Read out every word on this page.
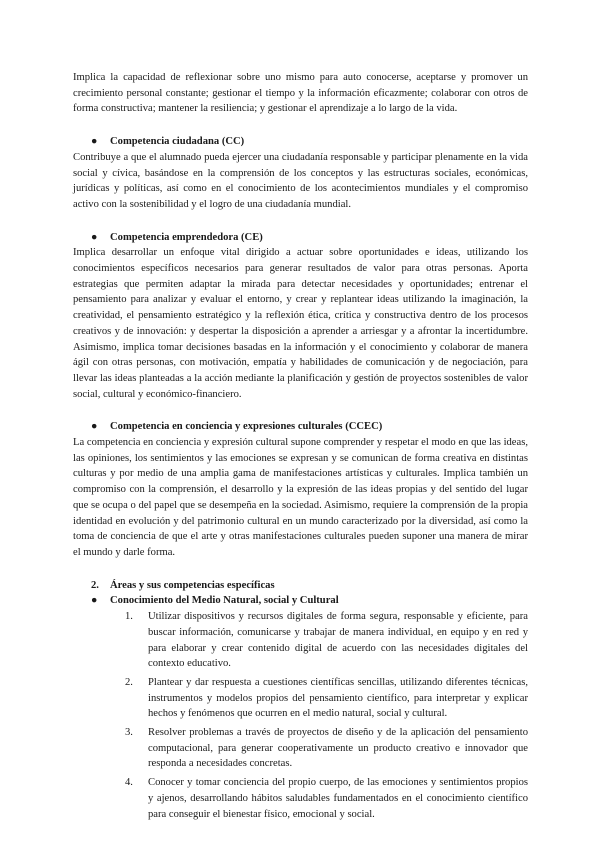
Implica la capacidad de reflexionar sobre uno mismo para auto conocerse, aceptarse y promover un crecimiento personal constante; gestionar el tiempo y la información eficazmente; colaborar con otros de forma constructiva; mantener la resiliencia; y gestionar el aprendizaje a lo largo de la vida.

● Competencia ciudadana (CC)

Contribuye a que el alumnado pueda ejercer una ciudadanía responsable y participar plenamente en la vida social y cívica, basándose en la comprensión de los conceptos y las estructuras sociales, económicas, jurídicas y políticas, así como en el conocimiento de los acontecimientos mundiales y el compromiso activo con la sostenibilidad y el logro de una ciudadanía mundial.

● Competencia emprendedora (CE)

Implica desarrollar un enfoque vital dirigido a actuar sobre oportunidades e ideas, utilizando los conocimientos específicos necesarios para generar resultados de valor para otras personas. Aporta estrategias que permiten adaptar la mirada para detectar necesidades y oportunidades; entrenar el pensamiento para analizar y evaluar el entorno, y crear y replantear ideas utilizando la imaginación, la creatividad, el pensamiento estratégico y la reflexión ética, crítica y constructiva dentro de los procesos creativos y de innovación: y despertar la disposición a aprender a arriesgar y a afrontar la incertidumbre. Asimismo, implica tomar decisiones basadas en la información y el conocimiento y colaborar de manera ágil con otras personas, con motivación, empatía y habilidades de comunicación y de negociación, para llevar las ideas planteadas a la acción mediante la planificación y gestión de proyectos sostenibles de valor social, cultural y económico-financiero.

● Competencia en conciencia y expresiones culturales (CCEC)

La competencia en conciencia y expresión cultural supone comprender y respetar el modo en que las ideas, las opiniones, los sentimientos y las emociones se expresan y se comunican de forma creativa en distintas culturas y por medio de una amplia gama de manifestaciones artísticas y culturales. Implica también un compromiso con la comprensión, el desarrollo y la expresión de las ideas propias y del sentido del lugar que se ocupa o del papel que se desempeña en la sociedad. Asimismo, requiere la comprensión de la propia identidad en evolución y del patrimonio cultural en un mundo caracterizado por la diversidad, así como la toma de conciencia de que el arte y otras manifestaciones culturales pueden suponer una manera de mirar el mundo y darle forma.

2. Áreas y sus competencias específicas
● Conocimiento del Medio Natural, social y Cultural
1. Utilizar dispositivos y recursos digitales de forma segura, responsable y eficiente, para buscar información, comunicarse y trabajar de manera individual, en equipo y en red y para elaborar y crear contenido digital de acuerdo con las necesidades digitales del contexto educativo.
2. Plantear y dar respuesta a cuestiones científicas sencillas, utilizando diferentes técnicas, instrumentos y modelos propios del pensamiento científico, para interpretar y explicar hechos y fenómenos que ocurren en el medio natural, social y cultural.
3. Resolver problemas a través de proyectos de diseño y de la aplicación del pensamiento computacional, para generar cooperativamente un producto creativo e innovador que responda a necesidades concretas.
4. Conocer y tomar conciencia del propio cuerpo, de las emociones y sentimientos propios y ajenos, desarrollando hábitos saludables fundamentados en el conocimiento científico para conseguir el bienestar físico, emocional y social.
